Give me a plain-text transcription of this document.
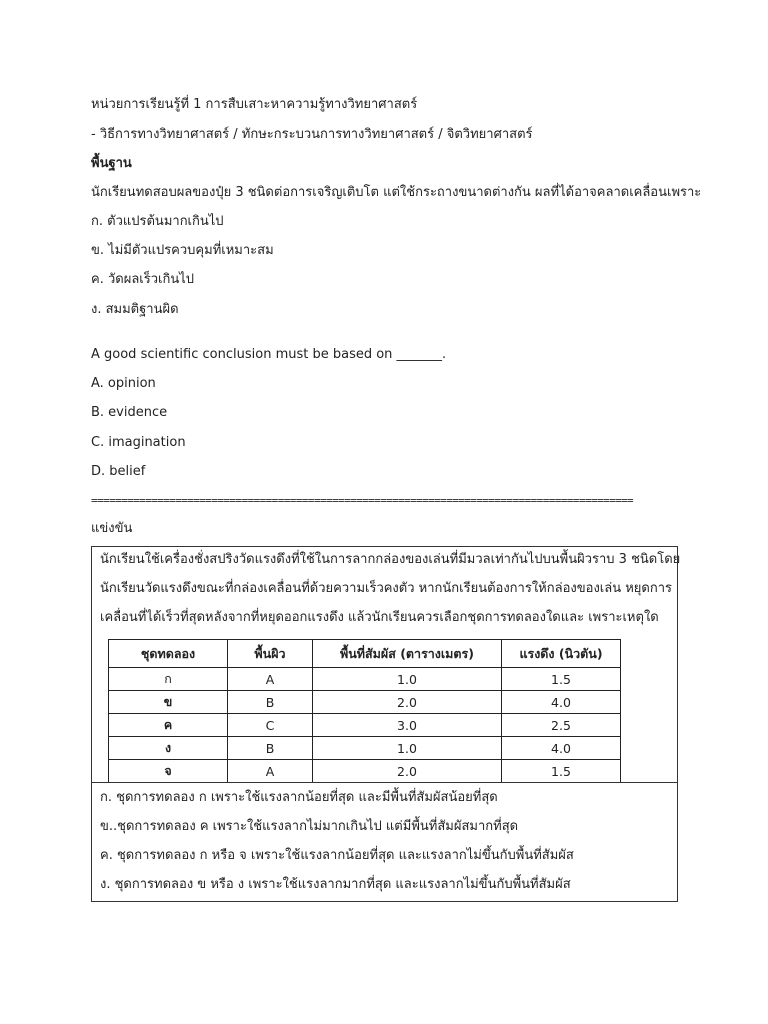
หน่วยการเรียนรู้ที่ 1 การสืบเสาะหาความรู้ทางวิทยาศาสตร์
- วิธีการทางวิทยาศาสตร์ / ทักษะกระบวนการทางวิทยาศาสตร์ / จิตวิทยาศาสตร์
พื้นฐาน
นักเรียนทดสอบผลของปุ๋ย 3 ชนิดต่อการเจริญเติบโต แต่ใช้กระถางขนาดต่างกัน ผลที่ได้อาจคลาดเคลื่อนเพราะ
ก. ตัวแปรต้นมากเกินไป
ข. ไม่มีตัวแปรควบคุมที่เหมาะสม
ค. วัดผลเร็วเกินไป
ง. สมมติฐานผิด
A good scientific conclusion must be based on _______.
A. opinion
B. evidence
C. imagination
D. belief
==========================================================================================
แข่งขัน
นักเรียนใช้เครื่องชั่งสปริงวัดแรงดึงที่ใช้ในการลากกล่องของเล่นที่มีมวลเท่ากันไปบนพื้นผิวราบ 3 ชนิดโดย
นักเรียนวัดแรงดึงขณะที่กล่องเคลื่อนที่ด้วยความเร็วคงตัว หากนักเรียนต้องการให้กล่องของเล่น หยุดการ
เคลื่อนที่ได้เร็วที่สุดหลังจากที่หยุดออกแรงดึง แล้วนักเรียนควรเลือกชุดการทดลองใดและ เพราะเหตุใด
ชุดทดลอง	พื้นผิว	พื้นที่สัมผัส (ตารางเมตร)	แรงดึง (นิวตัน)
ก	A	1.0	1.5
ข	B	2.0	4.0
ค	C	3.0	2.5
ง	B	1.0	4.0
จ	A	2.0	1.5
ก. ชุดการทดลอง ก เพราะใช้แรงลากน้อยที่สุด และมีพื้นที่สัมผัสน้อยที่สุด
ข..ชุดการทดลอง ค เพราะใช้แรงลากไม่มากเกินไป แต่มีพื้นที่สัมผัสมากที่สุด
ค. ชุดการทดลอง ก หรือ จ เพราะใช้แรงลากน้อยที่สุด และแรงลากไม่ขึ้นกับพื้นที่สัมผัส
ง. ชุดการทดลอง ข หรือ ง เพราะใช้แรงลากมากที่สุด และแรงลากไม่ขึ้นกับพื้นที่สัมผัส
